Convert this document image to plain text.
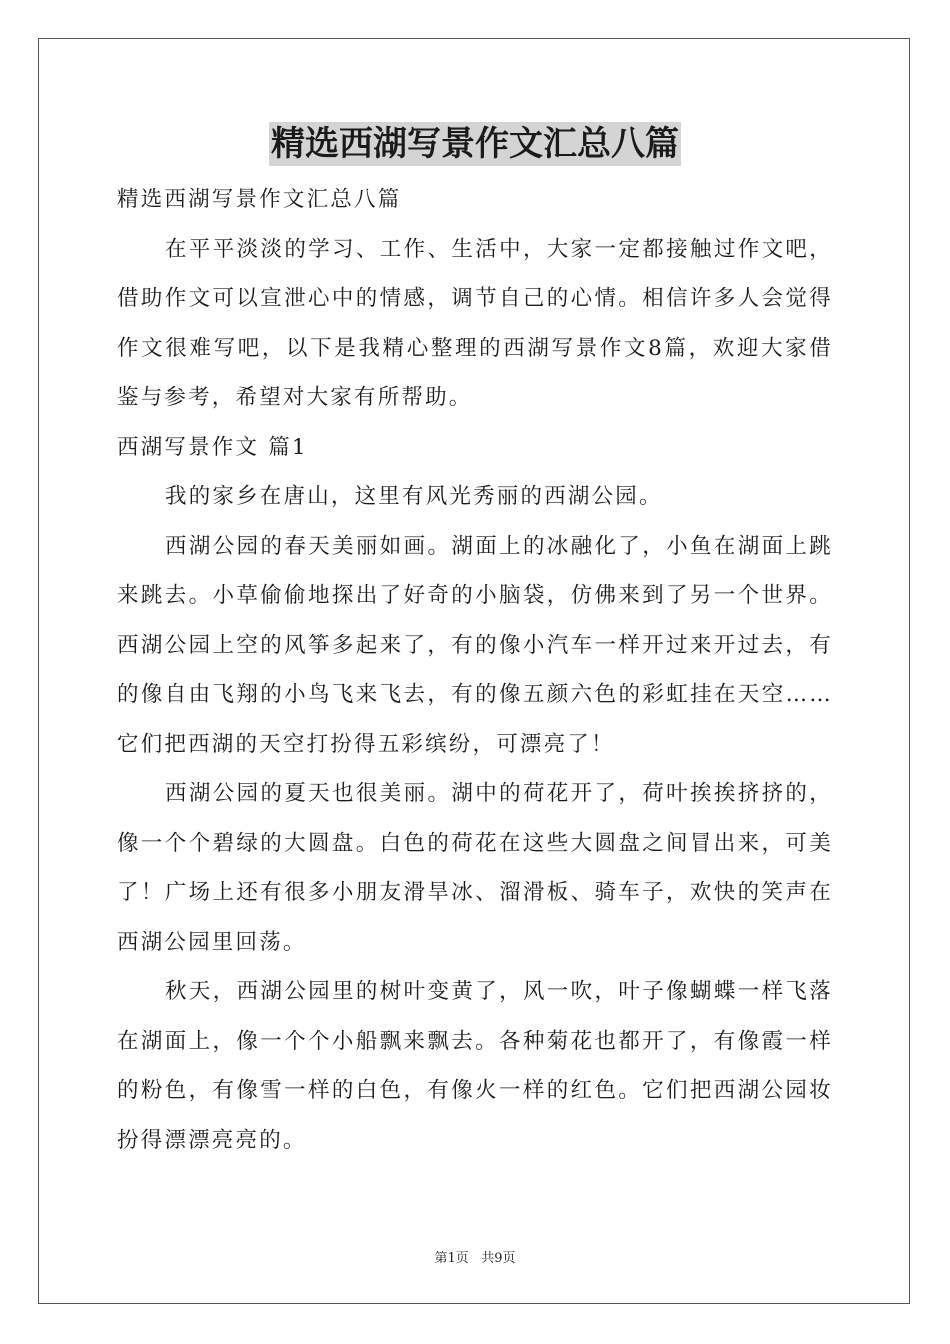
精选西湖写景作文汇总八篇
精选西湖写景作文汇总八篇

在平平淡淡的学习、工作、生活中，大家一定都接触过作文吧，借助作文可以宣泄心中的情感，调节自己的心情。相信许多人会觉得作文很难写吧，以下是我精心整理的西湖写景作文8篇，欢迎大家借鉴与参考，希望对大家有所帮助。

西湖写景作文 篇1

我的家乡在唐山，这里有风光秀丽的西湖公园。

西湖公园的春天美丽如画。湖面上的冰融化了，小鱼在湖面上跳来跳去。小草偷偷地探出了好奇的小脑袋，仿佛来到了另一个世界。西湖公园上空的风筝多起来了，有的像小汽车一样开过来开过去，有的像自由飞翔的小鸟飞来飞去，有的像五颜六色的彩虹挂在天空……它们把西湖的天空打扮得五彩缤纷，可漂亮了！

西湖公园的夏天也很美丽。湖中的荷花开了，荷叶挨挨挤挤的，像一个个碧绿的大圆盘。白色的荷花在这些大圆盘之间冒出来，可美了！广场上还有很多小朋友滑旱冰、溜滑板、骑车子，欢快的笑声在西湖公园里回荡。

秋天，西湖公园里的树叶变黄了，风一吹，叶子像蝴蝶一样飞落在湖面上，像一个个小船飘来飘去。各种菊花也都开了，有像霞一样的粉色，有像雪一样的白色，有像火一样的红色。它们把西湖公园妆扮得漂漂亮亮的。

第1页 共9页
